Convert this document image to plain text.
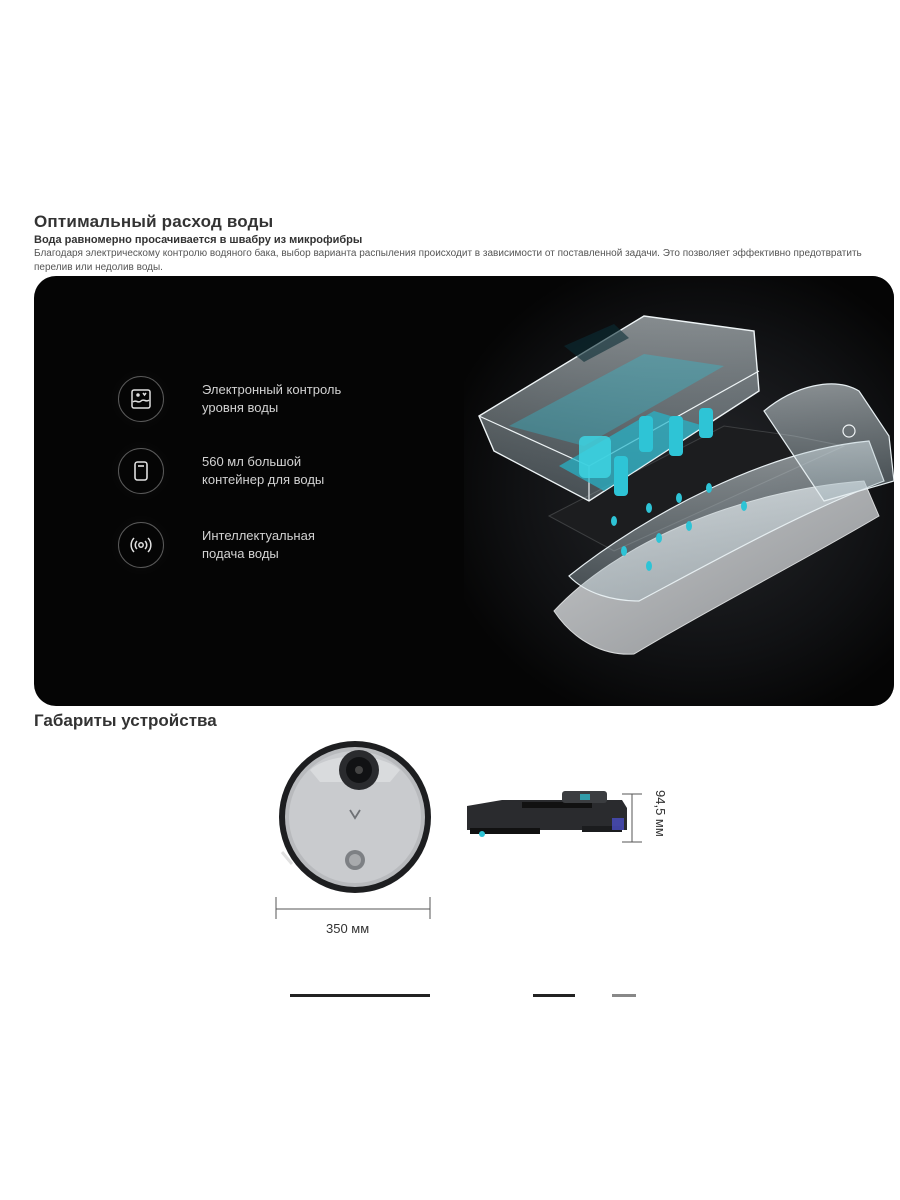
Оптимальный расход воды
Вода равномерно просачивается в швабру из микрофибры
Благодаря электрическому контролю водяного бака, выбор варианта распыления происходит в зависимости от поставленной задачи. Это позволяет эффективно предотвратить перелив или недолив воды.
Электронный контроль
уровня воды
560 мл большой
контейнер для воды
Интеллектуальная
подача воды
Габариты устройства
350 мм
94,5 мм
